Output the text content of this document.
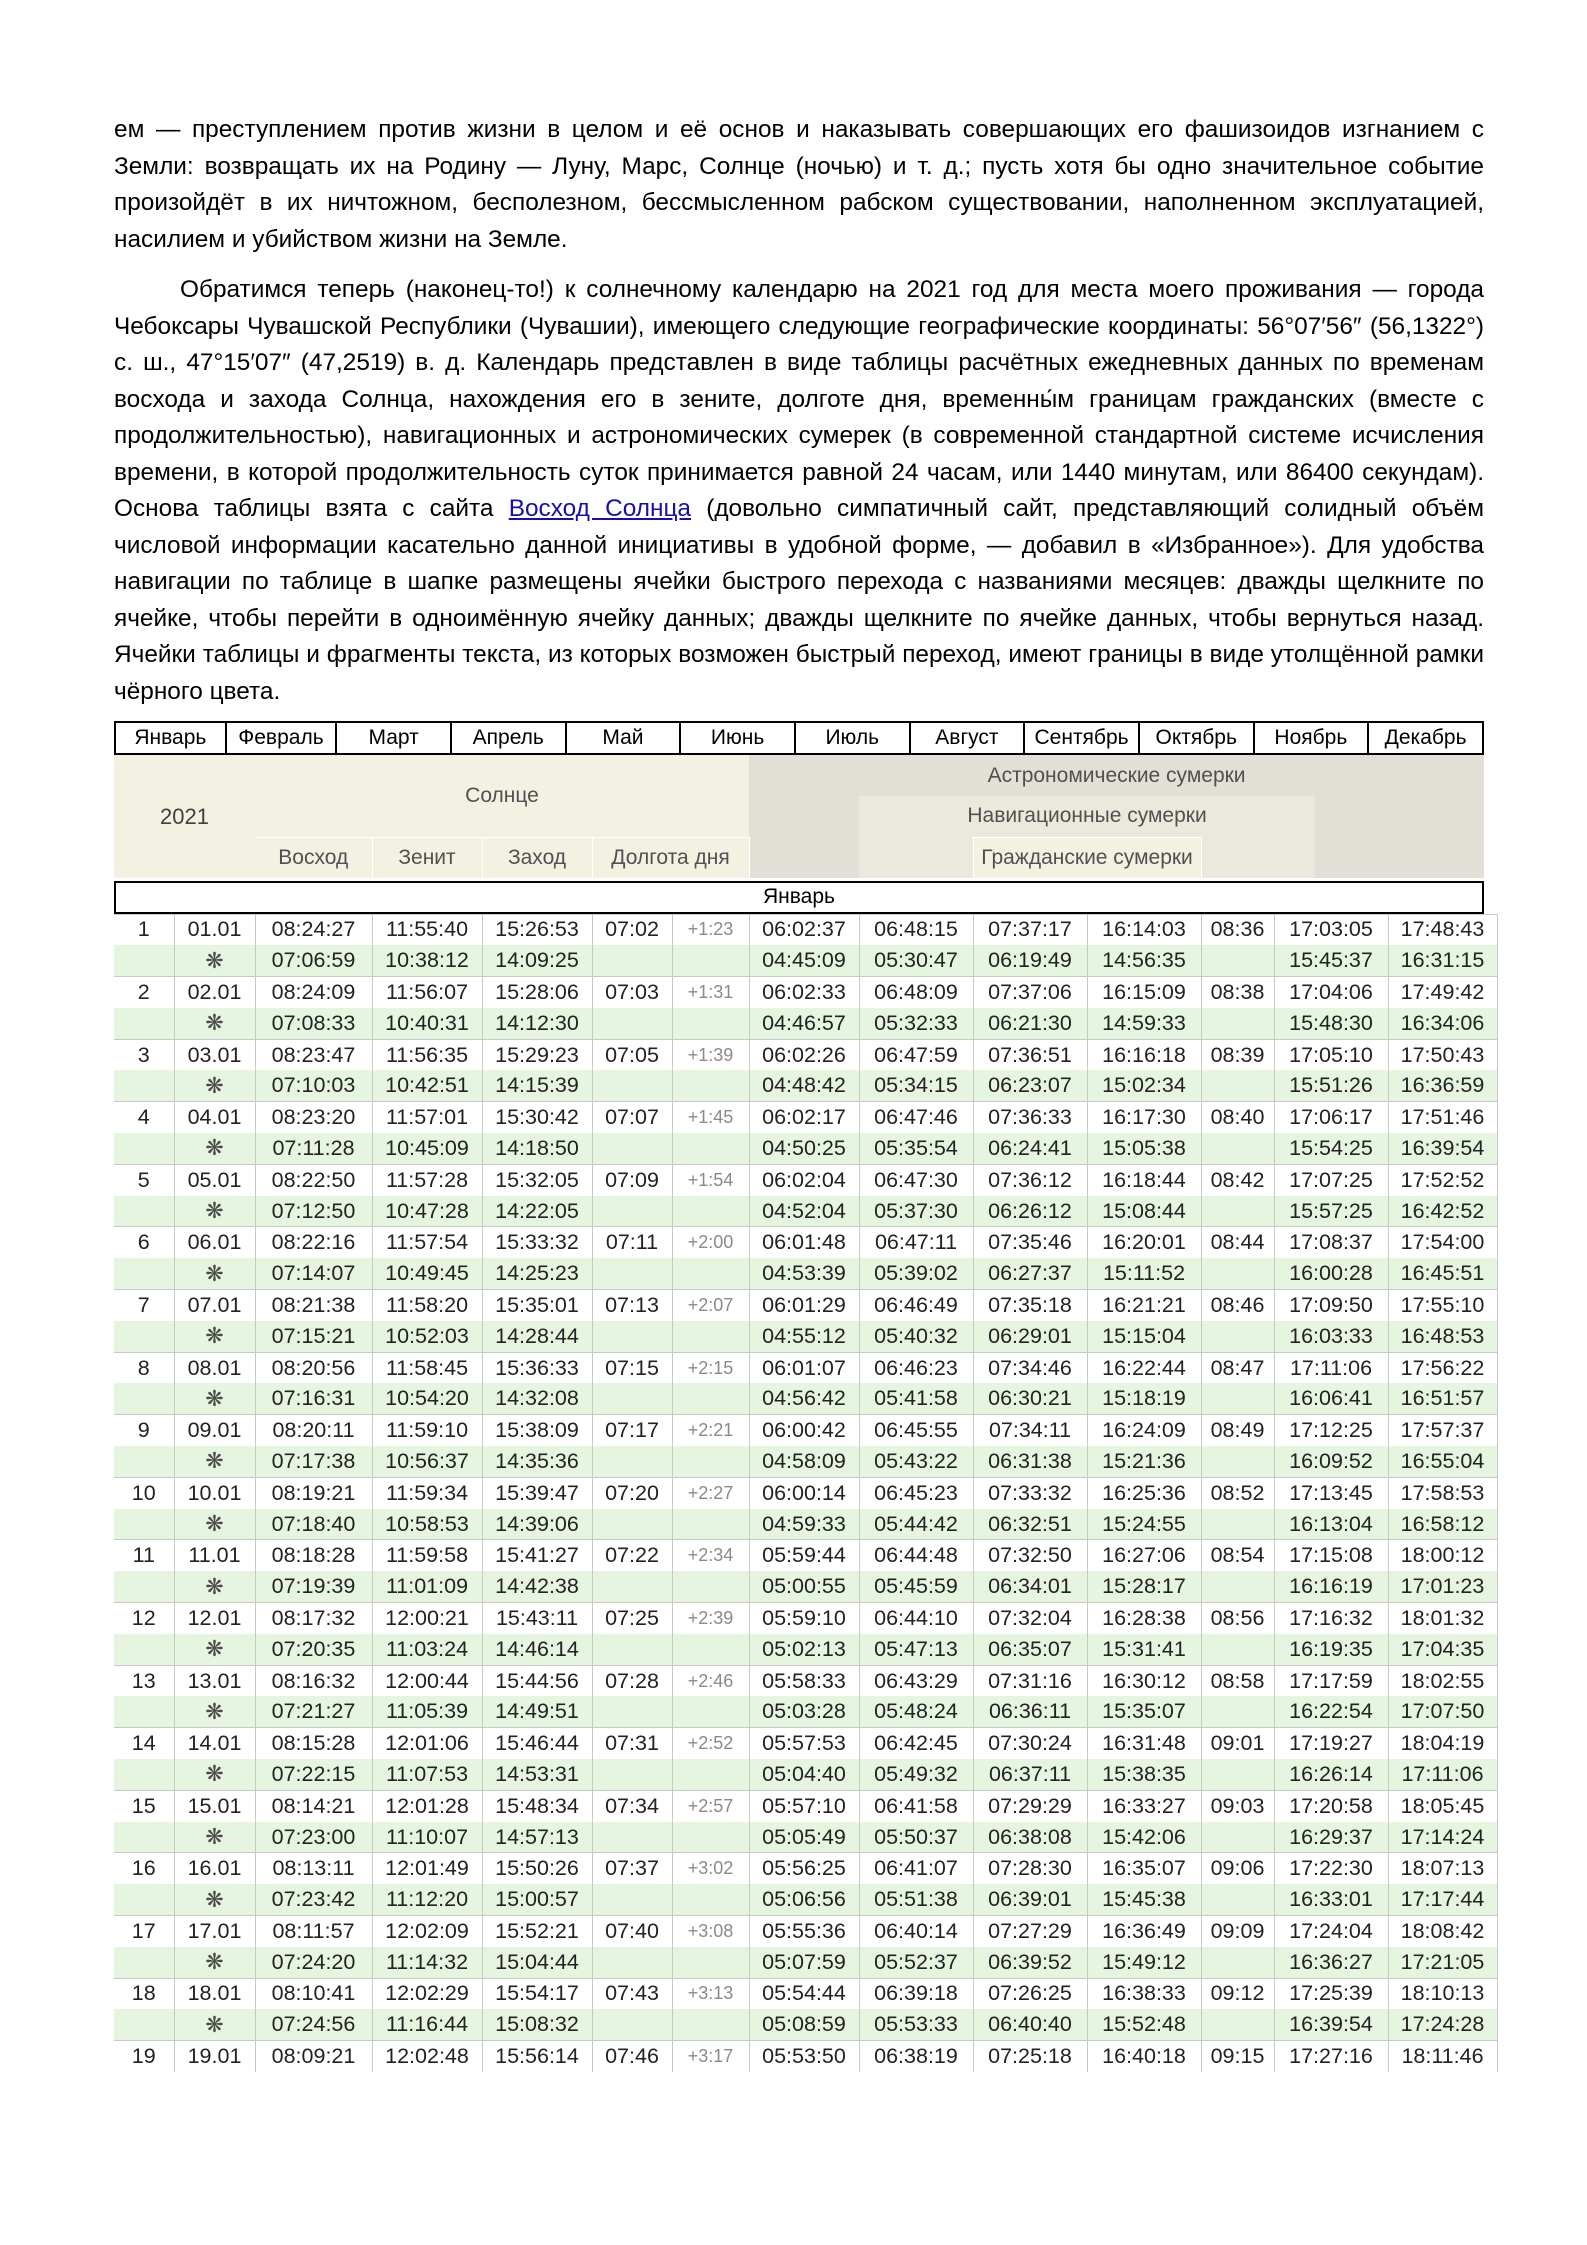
ем — преступлением против жизни в целом и её основ и наказывать совершающих его фашизоидов изгнанием с Земли: возвращать их на Родину — Луну, Марс, Солнце (ночью) и т. д.; пусть хотя бы одно значительное событие произойдёт в их ничтожном, бесполезном, бессмысленном рабском существовании, наполненном эксплуатацией, насилием и убийством жизни на Земле.

Обратимся теперь (наконец-то!) к солнечному календарю на 2021 год для места моего проживания — города Чебоксары Чувашской Республики (Чувашии), имеющего следующие географические координаты: 56°07′56″ (56,1322°) с. ш., 47°15′07″ (47,2519) в. д. Календарь представлен в виде таблицы расчётных ежедневных данных по временам восхода и захода Солнца, нахождения его в зените, долготе дня, временны́м границам гражданских (вместе с продолжительностью), навигационных и астрономических сумерек (в современной стандартной системе исчисления времени, в которой продолжительность суток принимается равной 24 часам, или 1440 минутам, или 86400 секундам). Основа таблицы взята с сайта Восход Солнца (довольно симпатичный сайт, представляющий солидный объём числовой информации касательно данной инициативы в удобной форме, — добавил в «Избранное»). Для удобства навигации по таблице в шапке размещены ячейки быстрого перехода с названиями месяцев: дважды щелкните по ячейке, чтобы перейти в одноимённую ячейку данных; дважды щелкните по ячейке данных, чтобы вернуться назад. Ячейки таблицы и фрагменты текста, из которых возможен быстрый переход, имеют границы в виде утолщённой рамки чёрного цвета.

Январь	Февраль	Март	Апрель	Май	Июнь	Июль	Август	Сентябрь	Октябрь	Ноябрь	Декабрь
2021	Солнце				Астрономические сумерки				
						Навигационные сумерки			
	Восход	Зенит	Заход	Долгота дня			Гражданские сумерки		
Январь
1	01.01	08:24:27	11:55:40	15:26:53	07:02	+1:23	06:02:37	06:48:15	07:37:17	16:14:03	08:36	17:03:05	17:48:43
	❋	07:06:59	10:38:12	14:09:25			04:45:09	05:30:47	06:19:49	14:56:35		15:45:37	16:31:15
2	02.01	08:24:09	11:56:07	15:28:06	07:03	+1:31	06:02:33	06:48:09	07:37:06	16:15:09	08:38	17:04:06	17:49:42
	❋	07:08:33	10:40:31	14:12:30			04:46:57	05:32:33	06:21:30	14:59:33		15:48:30	16:34:06
3	03.01	08:23:47	11:56:35	15:29:23	07:05	+1:39	06:02:26	06:47:59	07:36:51	16:16:18	08:39	17:05:10	17:50:43
	❋	07:10:03	10:42:51	14:15:39			04:48:42	05:34:15	06:23:07	15:02:34		15:51:26	16:36:59
4	04.01	08:23:20	11:57:01	15:30:42	07:07	+1:45	06:02:17	06:47:46	07:36:33	16:17:30	08:40	17:06:17	17:51:46
	❋	07:11:28	10:45:09	14:18:50			04:50:25	05:35:54	06:24:41	15:05:38		15:54:25	16:39:54
5	05.01	08:22:50	11:57:28	15:32:05	07:09	+1:54	06:02:04	06:47:30	07:36:12	16:18:44	08:42	17:07:25	17:52:52
	❋	07:12:50	10:47:28	14:22:05			04:52:04	05:37:30	06:26:12	15:08:44		15:57:25	16:42:52
6	06.01	08:22:16	11:57:54	15:33:32	07:11	+2:00	06:01:48	06:47:11	07:35:46	16:20:01	08:44	17:08:37	17:54:00
	❋	07:14:07	10:49:45	14:25:23			04:53:39	05:39:02	06:27:37	15:11:52		16:00:28	16:45:51
7	07.01	08:21:38	11:58:20	15:35:01	07:13	+2:07	06:01:29	06:46:49	07:35:18	16:21:21	08:46	17:09:50	17:55:10
	❋	07:15:21	10:52:03	14:28:44			04:55:12	05:40:32	06:29:01	15:15:04		16:03:33	16:48:53
8	08.01	08:20:56	11:58:45	15:36:33	07:15	+2:15	06:01:07	06:46:23	07:34:46	16:22:44	08:47	17:11:06	17:56:22
	❋	07:16:31	10:54:20	14:32:08			04:56:42	05:41:58	06:30:21	15:18:19		16:06:41	16:51:57
9	09.01	08:20:11	11:59:10	15:38:09	07:17	+2:21	06:00:42	06:45:55	07:34:11	16:24:09	08:49	17:12:25	17:57:37
	❋	07:17:38	10:56:37	14:35:36			04:58:09	05:43:22	06:31:38	15:21:36		16:09:52	16:55:04
10	10.01	08:19:21	11:59:34	15:39:47	07:20	+2:27	06:00:14	06:45:23	07:33:32	16:25:36	08:52	17:13:45	17:58:53
	❋	07:18:40	10:58:53	14:39:06			04:59:33	05:44:42	06:32:51	15:24:55		16:13:04	16:58:12
11	11.01	08:18:28	11:59:58	15:41:27	07:22	+2:34	05:59:44	06:44:48	07:32:50	16:27:06	08:54	17:15:08	18:00:12
	❋	07:19:39	11:01:09	14:42:38			05:00:55	05:45:59	06:34:01	15:28:17		16:16:19	17:01:23
12	12.01	08:17:32	12:00:21	15:43:11	07:25	+2:39	05:59:10	06:44:10	07:32:04	16:28:38	08:56	17:16:32	18:01:32
	❋	07:20:35	11:03:24	14:46:14			05:02:13	05:47:13	06:35:07	15:31:41		16:19:35	17:04:35
13	13.01	08:16:32	12:00:44	15:44:56	07:28	+2:46	05:58:33	06:43:29	07:31:16	16:30:12	08:58	17:17:59	18:02:55
	❋	07:21:27	11:05:39	14:49:51			05:03:28	05:48:24	06:36:11	15:35:07		16:22:54	17:07:50
14	14.01	08:15:28	12:01:06	15:46:44	07:31	+2:52	05:57:53	06:42:45	07:30:24	16:31:48	09:01	17:19:27	18:04:19
	❋	07:22:15	11:07:53	14:53:31			05:04:40	05:49:32	06:37:11	15:38:35		16:26:14	17:11:06
15	15.01	08:14:21	12:01:28	15:48:34	07:34	+2:57	05:57:10	06:41:58	07:29:29	16:33:27	09:03	17:20:58	18:05:45
	❋	07:23:00	11:10:07	14:57:13			05:05:49	05:50:37	06:38:08	15:42:06		16:29:37	17:14:24
16	16.01	08:13:11	12:01:49	15:50:26	07:37	+3:02	05:56:25	06:41:07	07:28:30	16:35:07	09:06	17:22:30	18:07:13
	❋	07:23:42	11:12:20	15:00:57			05:06:56	05:51:38	06:39:01	15:45:38		16:33:01	17:17:44
17	17.01	08:11:57	12:02:09	15:52:21	07:40	+3:08	05:55:36	06:40:14	07:27:29	16:36:49	09:09	17:24:04	18:08:42
	❋	07:24:20	11:14:32	15:04:44			05:07:59	05:52:37	06:39:52	15:49:12		16:36:27	17:21:05
18	18.01	08:10:41	12:02:29	15:54:17	07:43	+3:13	05:54:44	06:39:18	07:26:25	16:38:33	09:12	17:25:39	18:10:13
	❋	07:24:56	11:16:44	15:08:32			05:08:59	05:53:33	06:40:40	15:52:48		16:39:54	17:24:28
19	19.01	08:09:21	12:02:48	15:56:14	07:46	+3:17	05:53:50	06:38:19	07:25:18	16:40:18	09:15	17:27:16	18:11:46
